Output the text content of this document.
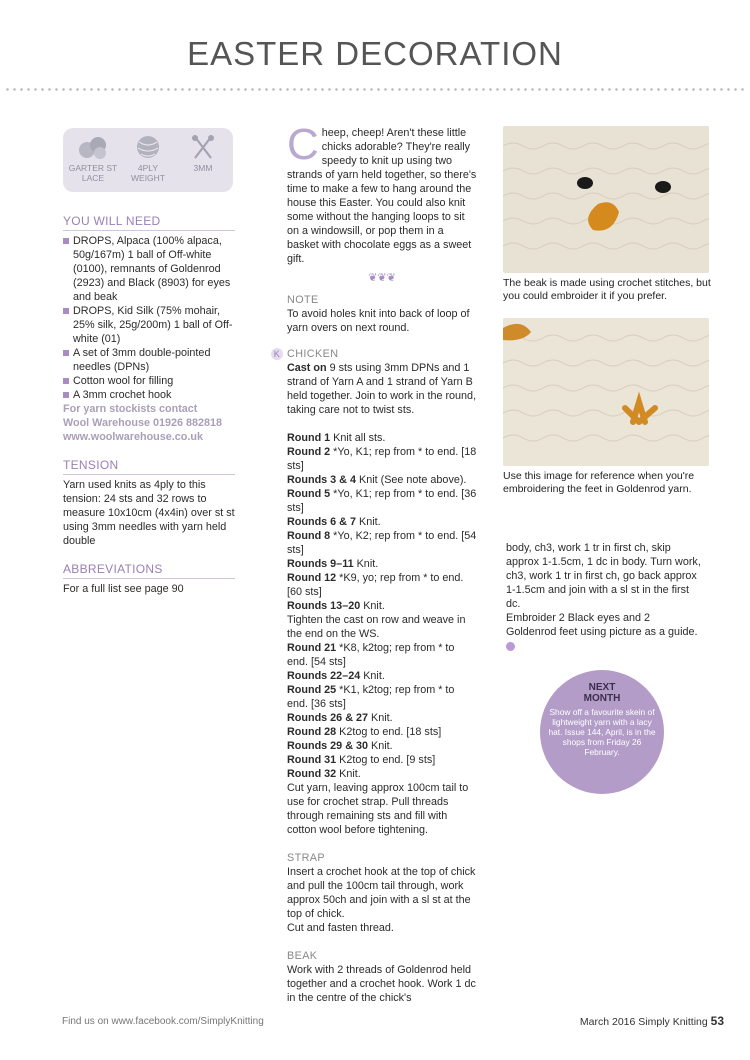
EASTER DECORATION
GARTER ST LACE
4PLY WEIGHT
3MM
YOU WILL NEED
DROPS, Alpaca (100% alpaca, 50g/167m) 1 ball of Off-white (0100), remnants of Goldenrod (2923) and Black (8903) for eyes and beak
DROPS, Kid Silk (75% mohair, 25% silk, 25g/200m) 1 ball of Off-white (01)
A set of 3mm double-pointed needles (DPNs)
Cotton wool for filling
A 3mm crochet hook
For yarn stockists contact
Wool Warehouse 01926 882818
www.woolwarehouse.co.uk
TENSION

Yarn used knits as 4ply to this tension: 24 sts and 32 rows to measure 10x10cm (4x4in) over st st using 3mm needles with yarn held double

ABBREVIATIONS

For a full list see page 90

Cheep, cheep! Aren't these little chicks adorable? They're really speedy to knit up using two strands of yarn held together, so there's time to make a few to hang around the house this Easter. You could also knit some without the hanging loops to sit on a windowsill, or pop them in a basket with chocolate eggs as a sweet gift.

❦❦❦
NOTE

To avoid holes knit into back of loop of yarn overs on next round.

K CHICKEN

Cast on 9 sts using 3mm DPNs and 1 strand of Yarn A and 1 strand of Yarn B held together. Join to work in the round, taking care not to twist sts.

Round 1 Knit all sts.

Round 2 *Yo, K1; rep from * to end. [18 sts]

Rounds 3 & 4 Knit (See note above).

Round 5 *Yo, K1; rep from * to end. [36 sts]

Rounds 6 & 7 Knit.

Round 8 *Yo, K2; rep from * to end. [54 sts]

Rounds 9–11 Knit.

Round 12 *K9, yo; rep from * to end. [60 sts]

Rounds 13–20 Knit.

Tighten the cast on row and weave in the end on the WS.

Round 21 *K8, k2tog; rep from * to end. [54 sts]

Rounds 22–24 Knit.

Round 25 *K1, k2tog; rep from * to end. [36 sts]

Rounds 26 & 27 Knit.

Round 28 K2tog to end. [18 sts]

Rounds 29 & 30 Knit.

Round 31 K2tog to end. [9 sts]

Round 32 Knit.

Cut yarn, leaving approx 100cm tail to use for crochet strap. Pull threads through remaining sts and fill with cotton wool before tightening.

STRAP

Insert a crochet hook at the top of chick and pull the 100cm tail through, work approx 50ch and join with a sl st at the top of chick.

Cut and fasten thread.

BEAK

Work with 2 threads of Goldenrod held together and a crochet hook. Work 1 dc in the centre of the chick's

The beak is made using crochet stitches, but you could embroider it if you prefer.
Use this image for reference when you're embroidering the feet in Goldenrod yarn.

body, ch3, work 1 tr in first ch, skip approx 1-1.5cm, 1 dc in body. Turn work, ch3, work 1 tr in first ch, go back approx 1-1.5cm and join with a sl st in the first dc.

Embroider 2 Black eyes and 2 Goldenrod feet using picture as a guide.

NEXT
MONTH
Show off a favourite skein of lightweight yarn with a lacy hat. Issue 144, April, is in the shops from Friday 26 February.
Find us on www.facebook.com/SimplyKnitting	March 2016 Simply Knitting 53
